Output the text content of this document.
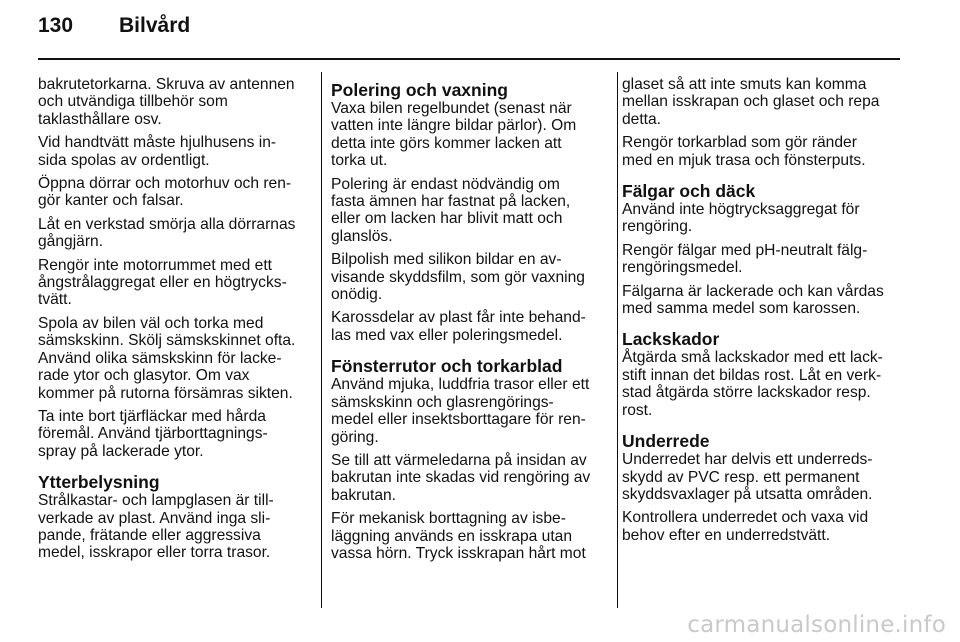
130 Bilvård

bakrutetorkarna. Skruva av antennen
och utvändiga tillbehör som
taklasthållare osv.

Vid handtvätt måste hjulhusens in-
sida spolas av ordentligt.

Öppna dörrar och motorhuv och ren-
gör kanter och falsar.

Låt en verkstad smörja alla dörrarnas
gångjärn.

Rengör inte motorrummet med ett
ångstrålaggregat eller en högtrycks-
tvätt.

Spola av bilen väl och torka med
sämskskinn. Skölj sämskskinnet ofta.
Använd olika sämskskinn för lacke-
rade ytor och glasytor. Om vax
kommer på rutorna försämras sikten.

Ta inte bort tjärfläckar med hårda
föremål. Använd tjärborttagnings-
spray på lackerade ytor.

Ytterbelysning

Strålkastar- och lampglasen är till-
verkade av plast. Använd inga sli-
pande, frätande eller aggressiva
medel, isskrapor eller torra trasor.

Polering och vaxning

Vaxa bilen regelbundet (senast när
vatten inte längre bildar pärlor). Om
detta inte görs kommer lacken att
torka ut.

Polering är endast nödvändig om
fasta ämnen har fastnat på lacken,
eller om lacken har blivit matt och
glanslös.

Bilpolish med silikon bildar en av-
visande skyddsfilm, som gör vaxning
onödig.

Karossdelar av plast får inte behand-
las med vax eller poleringsmedel.

Fönsterrutor och torkarblad

Använd mjuka, luddfria trasor eller ett
sämskskinn och glasrengörings-
medel eller insektsborttagare för ren-
göring.

Se till att värmeledarna på insidan av
bakrutan inte skadas vid rengöring av
bakrutan.

För mekanisk borttagning av isbe-
läggning används en isskrapa utan
vassa hörn. Tryck isskrapan hårt mot

glaset så att inte smuts kan komma
mellan isskrapan och glaset och repa
detta.

Rengör torkarblad som gör ränder
med en mjuk trasa och fönsterputs.

Fälgar och däck

Använd inte högtrycksaggregat för
rengöring.

Rengör fälgar med pH-neutralt fälg-
rengöringsmedel.

Fälgarna är lackerade och kan vårdas
med samma medel som karossen.

Lackskador

Åtgärda små lackskador med ett lack-
stift innan det bildas rost. Låt en verk-
stad åtgärda större lackskador resp.
rost.

Underrede

Underredet har delvis ett underreds-
skydd av PVC resp. ett permanent
skyddsvaxlager på utsatta områden.

Kontrollera underredet och vaxa vid
behov efter en underredstvätt.

carmanualsonline.info
